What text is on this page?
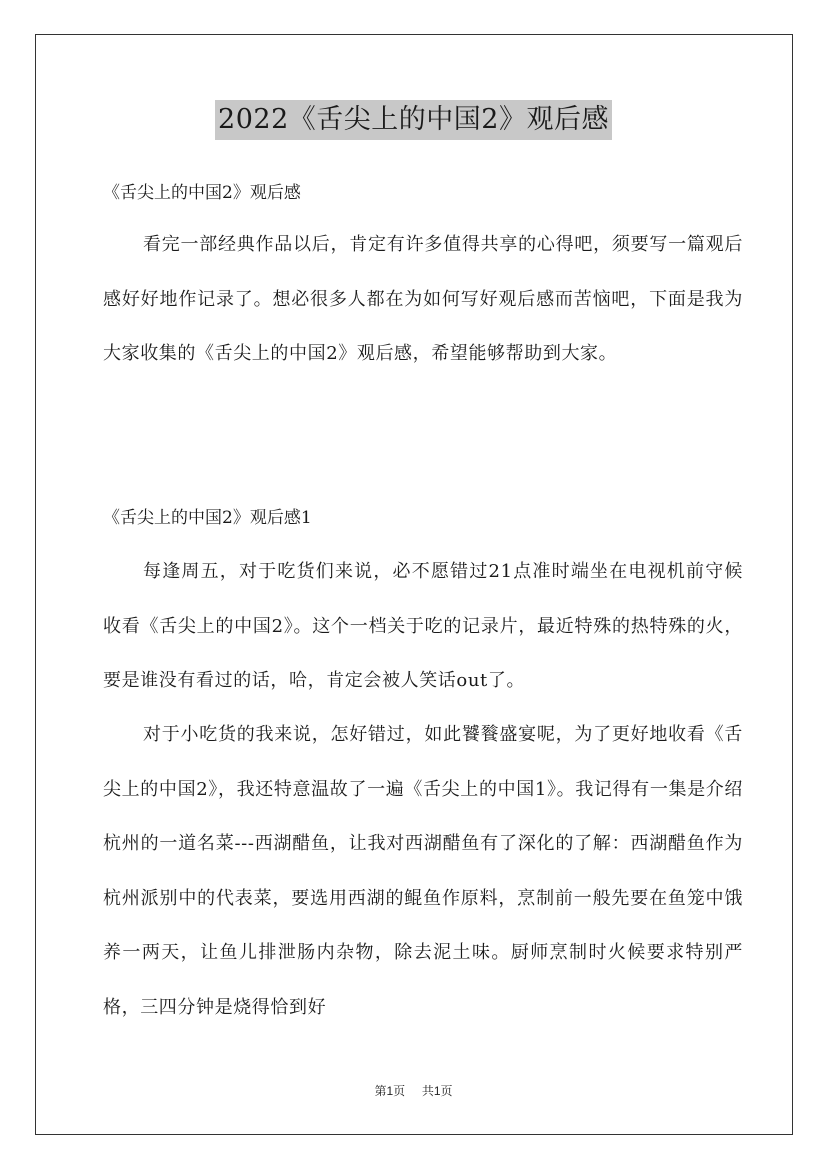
2022《舌尖上的中国2》观后感
《舌尖上的中国2》观后感

看完一部经典作品以后，肯定有许多值得共享的心得吧，须要写一篇观后感好好地作记录了。想必很多人都在为如何写好观后感而苦恼吧，下面是我为大家收集的《舌尖上的中国2》观后感，希望能够帮助到大家。

《舌尖上的中国2》观后感1

每逢周五，对于吃货们来说，必不愿错过21点准时端坐在电视机前守候收看《舌尖上的中国2》。这个一档关于吃的记录片，最近特殊的热特殊的火，要是谁没有看过的话，哈，肯定会被人笑话out了。

对于小吃货的我来说，怎好错过，如此饕餮盛宴呢，为了更好地收看《舌尖上的中国2》，我还特意温故了一遍《舌尖上的中国1》。我记得有一集是介绍杭州的一道名菜---西湖醋鱼，让我对西湖醋鱼有了深化的了解：西湖醋鱼作为杭州派别中的代表菜，要选用西湖的鲲鱼作原料，烹制前一般先要在鱼笼中饿养一两天，让鱼儿排泄肠内杂物，除去泥土味。厨师烹制时火候要求特别严格，三四分钟是烧得恰到好

第1页 共1页
